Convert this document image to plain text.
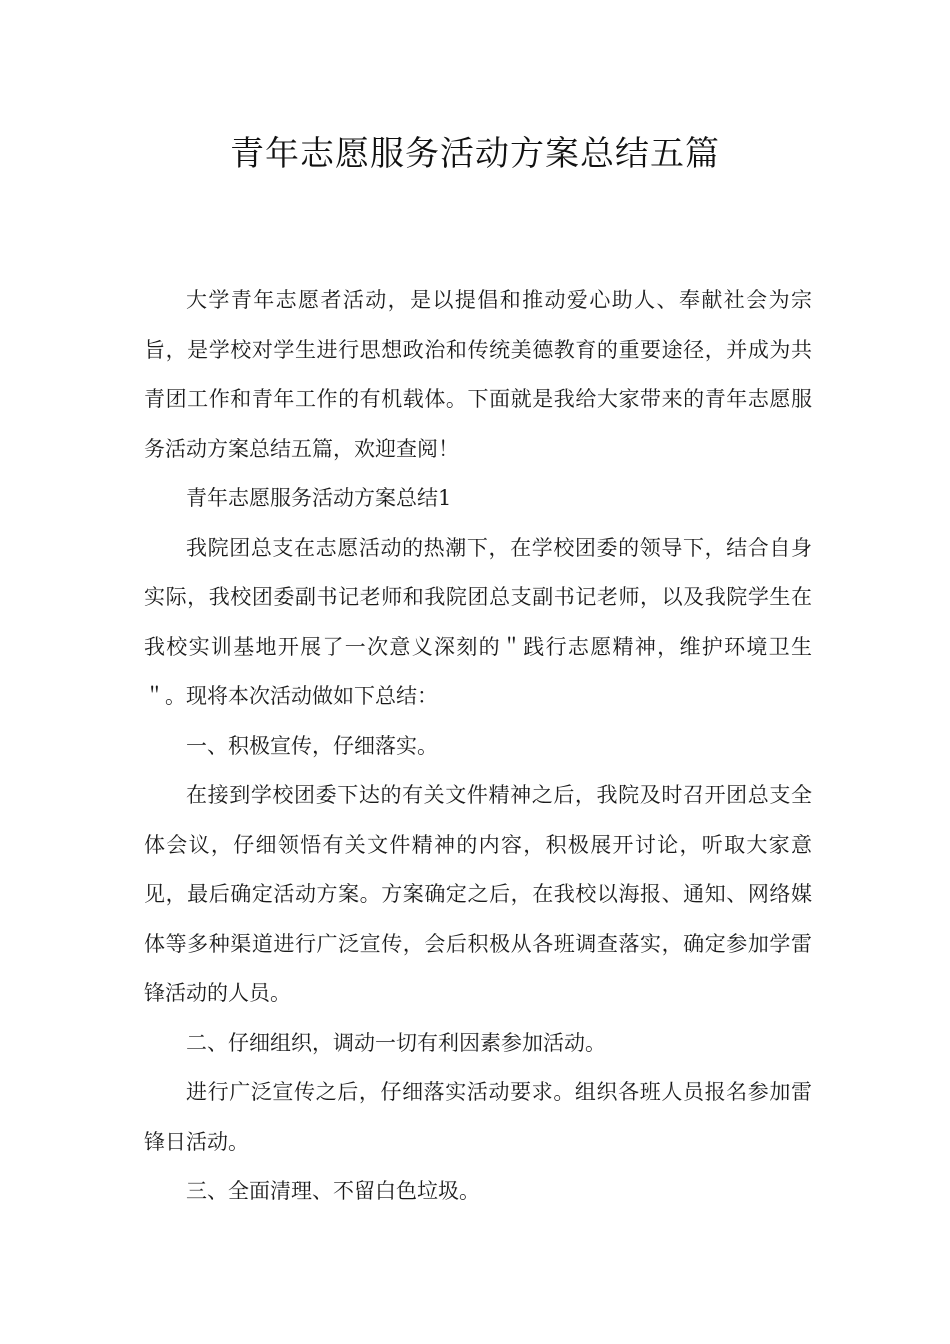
青年志愿服务活动方案总结五篇

大学青年志愿者活动，是以提倡和推动爱心助人、奉献社会为宗旨，是学校对学生进行思想政治和传统美德教育的重要途径，并成为共青团工作和青年工作的有机载体。下面就是我给大家带来的青年志愿服务活动方案总结五篇，欢迎查阅！

青年志愿服务活动方案总结1

我院团总支在志愿活动的热潮下，在学校团委的领导下，结合自身实际，我校团委副书记老师和我院团总支副书记老师，以及我院学生在我校实训基地开展了一次意义深刻的＂践行志愿精神，维护环境卫生＂。现将本次活动做如下总结：

一、积极宣传，仔细落实。

在接到学校团委下达的有关文件精神之后，我院及时召开团总支全体会议，仔细领悟有关文件精神的内容，积极展开讨论，听取大家意见，最后确定活动方案。方案确定之后，在我校以海报、通知、网络媒体等多种渠道进行广泛宣传，会后积极从各班调查落实，确定参加学雷锋活动的人员。

二、仔细组织，调动一切有利因素参加活动。

进行广泛宣传之后，仔细落实活动要求。组织各班人员报名参加雷锋日活动。

三、全面清理、不留白色垃圾。
